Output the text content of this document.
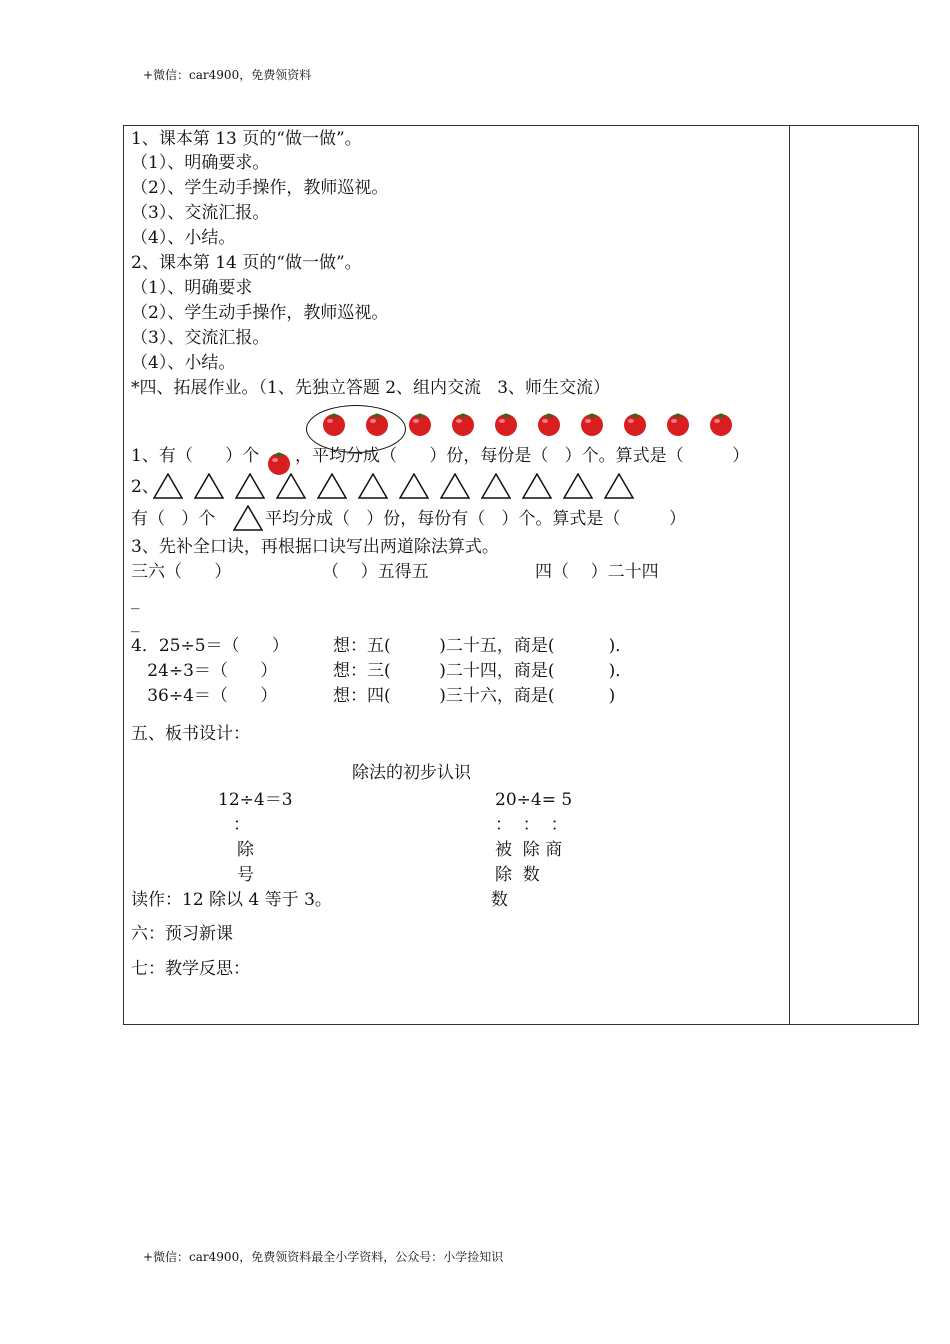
+微信：car4900，免费领资料
1、课本第 13 页的“做一做”。
（1）、明确要求。
（2）、学生动手操作，教师巡视。
（3）、交流汇报。
（4）、小结。
2、课本第 14 页的“做一做”。
（1）、明确要求
（2）、学生动手操作，教师巡视。
（3）、交流汇报。
（4）、小结。
*四、拓展作业。（1、先独立答题 2、组内交流   3、师生交流）
1、有（      ）个 ，平均分成（      ）份，每份是（   ）个。算式是（         ）
2、
有（   ）个	平均分成（   ）份，每份有（   ）个。算式是（         ）
3、先补全口诀，再根据口诀写出两道除法算式。
三六（      ）	（    ）五得五	四（    ）二十四
_
_
4．25÷5＝（      ）	想：五(         )二十五，商是(          )．
24÷3＝（      ）	想：三(         )二十四，商是(          )．
36÷4＝（      ）	想：四(         )三十六，商是(          )
五、板书设计：
除法的初步认识
12÷4＝3
：
除
号
读作：12 除以 4 等于 3。
20÷4= 5
：  ：  ：
被  除 商
除  数
数
六：预习新课
七：教学反思：
+微信：car4900，免费领资料最全小学资料，公众号：小学捡知识
